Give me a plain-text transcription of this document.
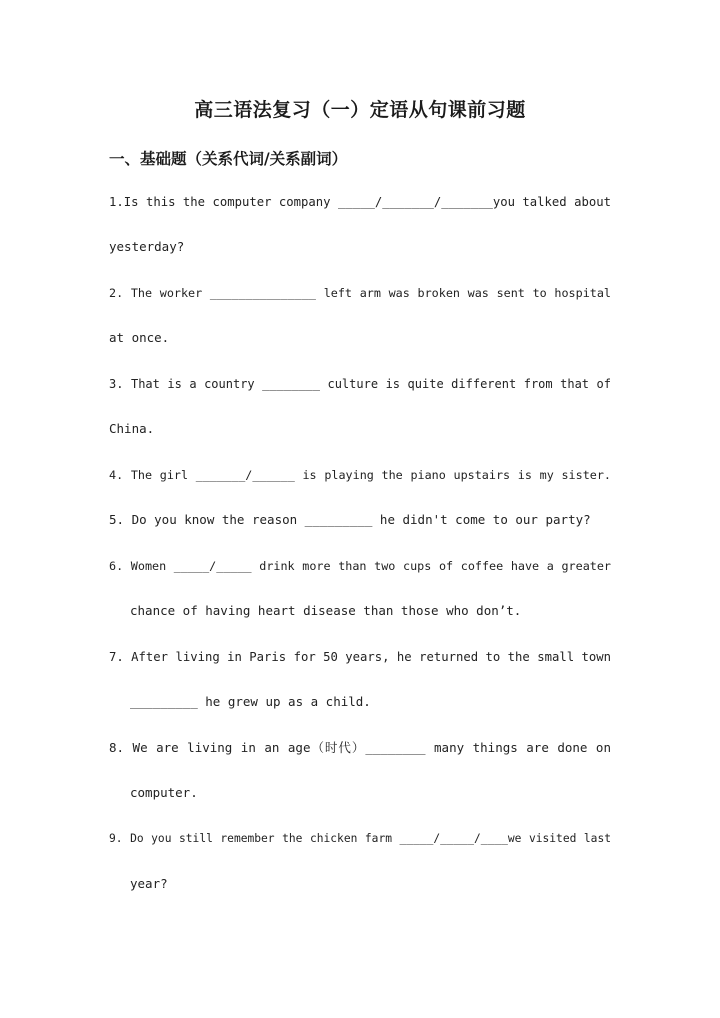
高三语法复习（一）定语从句课前习题
一、基础题（关系代词/关系副词）
1.Is this the computer company _____/_______/_______you talked about
yesterday?
2. The worker _______________ left arm was broken was sent to hospital
at once.
3. That is a country ________ culture is quite different from that of
China.
4. The girl _______/______ is playing the piano upstairs is my sister.
5. Do you know the reason _________ he didn't come to our party?
6. Women _____/_____ drink more than two cups of coffee have a greater
chance of having heart disease than those who don’t.
7. After living in Paris for 50 years, he returned to the small town
_________ he grew up as a child.
8. We are living in an age（时代）________ many things are done on
computer.
9. Do you still remember the chicken farm _____/_____/____we visited last
year?
